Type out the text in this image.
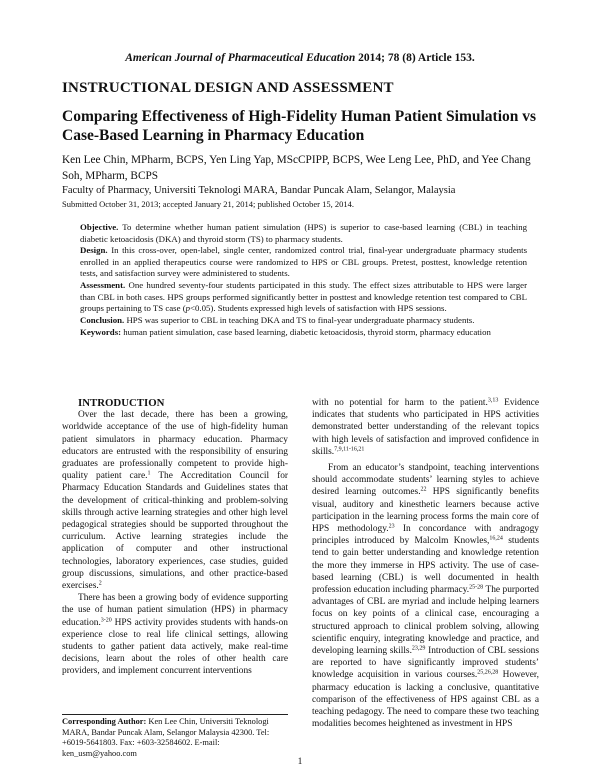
American Journal of Pharmaceutical Education 2014; 78 (8) Article 153.
INSTRUCTIONAL DESIGN AND ASSESSMENT
Comparing Effectiveness of High-Fidelity Human Patient Simulation vs Case-Based Learning in Pharmacy Education
Ken Lee Chin, MPharm, BCPS, Yen Ling Yap, MScCPIPP, BCPS, Wee Leng Lee, PhD, and Yee Chang Soh, MPharm, BCPS
Faculty of Pharmacy, Universiti Teknologi MARA, Bandar Puncak Alam, Selangor, Malaysia
Submitted October 31, 2013; accepted January 21, 2014; published October 15, 2014.

Objective. To determine whether human patient simulation (HPS) is superior to case-based learning (CBL) in teaching diabetic ketoacidosis (DKA) and thyroid storm (TS) to pharmacy students.

Design. In this cross-over, open-label, single center, randomized control trial, final-year undergraduate pharmacy students enrolled in an applied therapeutics course were randomized to HPS or CBL groups. Pretest, posttest, knowledge retention tests, and satisfaction survey were administered to students.

Assessment. One hundred seventy-four students participated in this study. The effect sizes attributable to HPS were larger than CBL in both cases. HPS groups performed significantly better in posttest and knowledge retention test compared to CBL groups pertaining to TS case (p<0.05). Students expressed high levels of satisfaction with HPS sessions.

Conclusion. HPS was superior to CBL in teaching DKA and TS to final-year undergraduate pharmacy students.

Keywords: human patient simulation, case based learning, diabetic ketoacidosis, thyroid storm, pharmacy education

INTRODUCTION

Over the last decade, there has been a growing, worldwide acceptance of the use of high-fidelity human patient simulators in pharmacy education. Pharmacy educators are entrusted with the responsibility of ensuring graduates are professionally competent to provide high-quality patient care.$^1$ The Accreditation Council for Pharmacy Education Standards and Guidelines states that the development of critical-thinking and problem-solving skills through active learning strategies and other high level pedagogical strategies should be supported throughout the curriculum. Active learning strategies include the application of computer and other instructional technologies, laboratory experiences, case studies, guided group discussions, simulations, and other practice-based exercises.$^2$

There has been a growing body of evidence supporting the use of human patient simulation (HPS) in pharmacy education.$^{3-20}$ HPS activity provides students with hands-on experience close to real life clinical settings, allowing students to gather patient data actively, make real-time decisions, learn about the roles of other health care providers, and implement concurrent interventions

with no potential for harm to the patient.$^{3,13}$ Evidence indicates that students who participated in HPS activities demonstrated better understanding of the relevant topics with high levels of satisfaction and improved confidence in skills.$^{7,9,11-16,21}$

From an educator’s standpoint, teaching interventions should accommodate students’ learning styles to achieve desired learning outcomes.$^{22}$ HPS significantly benefits visual, auditory and kinesthetic learners because active participation in the learning process forms the main core of HPS methodology.$^{23}$ In concordance with andragogy principles introduced by Malcolm Knowles,$^{16,24}$ students tend to gain better understanding and knowledge retention the more they immerse in HPS activity. The use of case-based learning (CBL) is well documented in health profession education including pharmacy.$^{25-28}$ The purported advantages of CBL are myriad and include helping learners focus on key points of a clinical case, encouraging a structured approach to clinical problem solving, allowing scientific enquiry, integrating knowledge and practice, and developing learning skills.$^{23,29}$ Introduction of CBL sessions are reported to have significantly improved students’ knowledge acquisition in various courses.$^{25,26,28}$ However, pharmacy education is lacking a conclusive, quantitative comparison of the effectiveness of HPS against CBL as a teaching pedagogy. The need to compare these two teaching modalities becomes heightened as investment in HPS

Corresponding Author: Ken Lee Chin, Universiti Teknologi MARA, Bandar Puncak Alam, Selangor Malaysia 42300. Tel: +6019-5641803. Fax: +603-32584602. E-mail: ken_usm@yahoo.com
1
